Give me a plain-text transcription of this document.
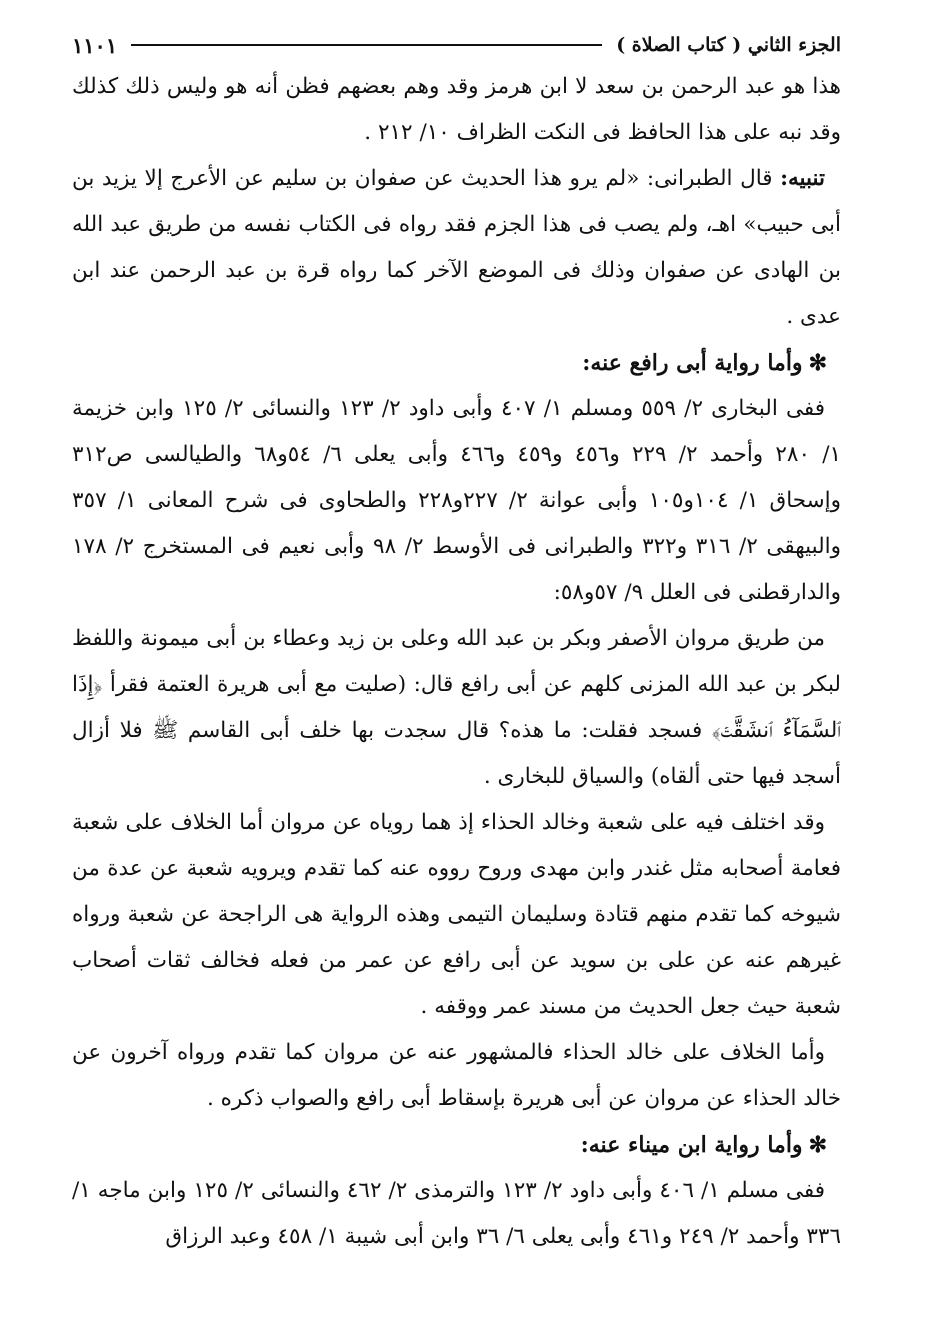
الجزء الثاني ( كتاب الصلاة )
١١٠١

هذا هو عبد الرحمن بن سعد لا ابن هرمز وقد وهم بعضهم فظن أنه هو وليس ذلك كذلك وقد نبه على هذا الحافظ فى النكت الظراف ١٠/ ٢١٢ .

تنبيه: قال الطبرانى: «لم يرو هذا الحديث عن صفوان بن سليم عن الأعرج إلا يزيد بن أبى حبيب» اهـ، ولم يصب فى هذا الجزم فقد رواه فى الكتاب نفسه من طريق عبد الله بن الهادى عن صفوان وذلك فى الموضع الآخر كما رواه قرة بن عبد الرحمن عند ابن عدى .

✻وأما رواية أبى رافع عنه:

ففى البخارى ٢/ ٥٥٩ ومسلم ١/ ٤٠٧ وأبى داود ٢/ ١٢٣ والنسائى ٢/ ١٢٥ وابن خزيمة ١/ ٢٨٠ وأحمد ٢/ ٢٢٩ و٤٥٦ و٤٥٩ و٤٦٦ وأبى يعلى ٦/ ٥٤و٦٨ والطيالسى ص٣١٢ وإسحاق ١/ ١٠٤و١٠٥ وأبى عوانة ٢/ ٢٢٧و٢٢٨ والطحاوى فى شرح المعانى ١/ ٣٥٧ والبيهقى ٢/ ٣١٦ و٣٢٢ والطبرانى فى الأوسط ٢/ ٩٨ وأبى نعيم فى المستخرج ٢/ ١٧٨ والدارقطنى فى العلل ٩/ ٥٧و٥٨:

من طريق مروان الأصفر وبكر بن عبد الله وعلى بن زيد وعطاء بن أبى ميمونة واللفظ لبكر بن عبد الله المزنى كلهم عن أبى رافع قال: (صليت مع أبى هريرة العتمة فقرأ ﴿إِذَا ٱلسَّمَآءُ ٱنشَقَّتۡ﴾ فسجد فقلت: ما هذه؟ قال سجدت بها خلف أبى القاسم ﷺ فلا أزال أسجد فيها حتى ألقاه) والسياق للبخارى .

وقد اختلف فيه على شعبة وخالد الحذاء إذ هما روياه عن مروان أما الخلاف على شعبة فعامة أصحابه مثل غندر وابن مهدى وروح رووه عنه كما تقدم ويرويه شعبة عن عدة من شيوخه كما تقدم منهم قتادة وسليمان التيمى وهذه الرواية هى الراجحة عن شعبة ورواه غيرهم عنه عن على بن سويد عن أبى رافع عن عمر من فعله فخالف ثقات أصحاب شعبة حيث جعل الحديث من مسند عمر ووقفه .

وأما الخلاف على خالد الحذاء فالمشهور عنه عن مروان كما تقدم ورواه آخرون عن خالد الحذاء عن مروان عن أبى هريرة بإسقاط أبى رافع والصواب ذكره .

✻وأما رواية ابن ميناء عنه:

ففى مسلم ١/ ٤٠٦ وأبى داود ٢/ ١٢٣ والترمذى ٢/ ٤٦٢ والنسائى ٢/ ١٢٥ وابن ماجه ١/ ٣٣٦ وأحمد ٢/ ٢٤٩ و٤٦١ وأبى يعلى ٦/ ٣٦ وابن أبى شيبة ١/ ٤٥٨ وعبد الرزاق
